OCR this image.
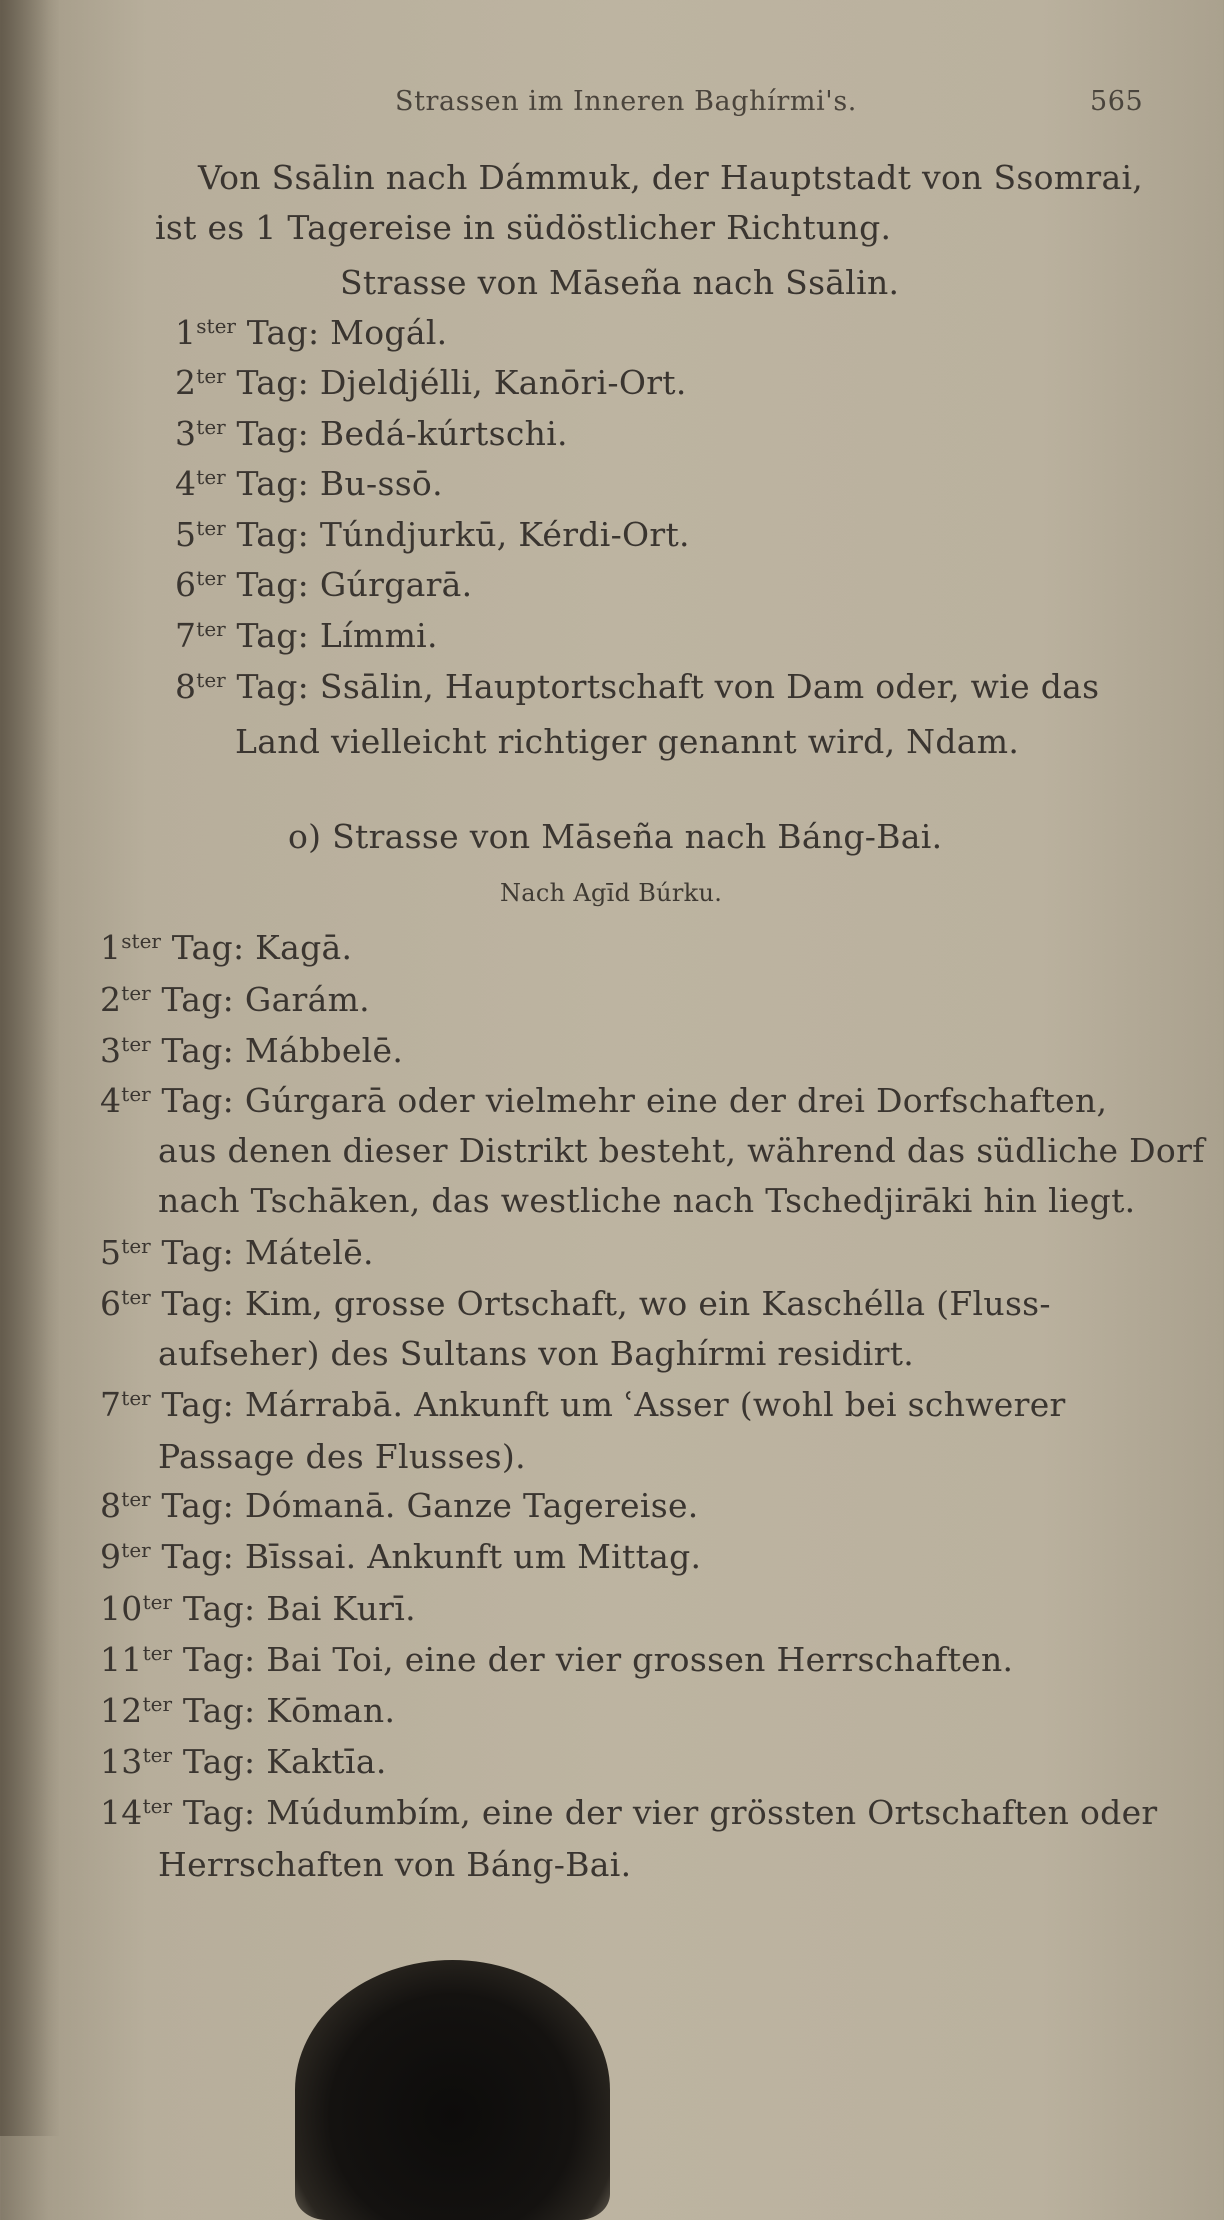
Strassen im Inneren Baghírmi's.	565
Von Ssālin nach Dámmuk, der Hauptstadt von Ssomrai,
ist es 1 Tagereise in südöstlicher Richtung.
Strasse von Māseña nach Ssālin.
$1^{ster}$ Tag: Mogál.
$2^{ter}$ Tag: Djeldjélli, Kanōri-Ort.
$3^{ter}$ Tag: Bedá-kúrtschi.
$4^{ter}$ Tag: Bu-ssō.
$5^{ter}$ Tag: Túndjurkū, Kérdi-Ort.
$6^{ter}$ Tag: Gúrgarā.
$7^{ter}$ Tag: Límmi.
$8^{ter}$ Tag: Ssālin, Hauptortschaft von Dam oder, wie das
Land vielleicht richtiger genannt wird, Ndam.
o) Strasse von Māseña nach Báng-Bai.
Nach Agīd Búrku.
$1^{ster}$ Tag: Kagā.
$2^{ter}$ Tag: Garám.
$3^{ter}$ Tag: Mábbelē.
$4^{ter}$ Tag: Gúrgarā oder vielmehr eine der drei Dorfschaften,
aus denen dieser Distrikt besteht, während das südliche Dorf
nach Tschāken, das westliche nach Tschedjirāki hin liegt.
$5^{ter}$ Tag: Mátelē.
$6^{ter}$ Tag: Kim, grosse Ortschaft, wo ein Kaschélla (Fluss-
aufseher) des Sultans von Baghírmi residirt.
$7^{ter}$ Tag: Márrabā. Ankunft um ʿAsser (wohl bei schwerer
Passage des Flusses).
$8^{ter}$ Tag: Dómanā. Ganze Tagereise.
$9^{ter}$ Tag: Bīssai. Ankunft um Mittag.
$10^{ter}$ Tag: Bai Kurī.
$11^{ter}$ Tag: Bai Toi, eine der vier grossen Herrschaften.
$12^{ter}$ Tag: Kōman.
$13^{ter}$ Tag: Kaktīa.
$14^{ter}$ Tag: Múdumbím, eine der vier grössten Ortschaften oder
Herrschaften von Báng-Bai.
